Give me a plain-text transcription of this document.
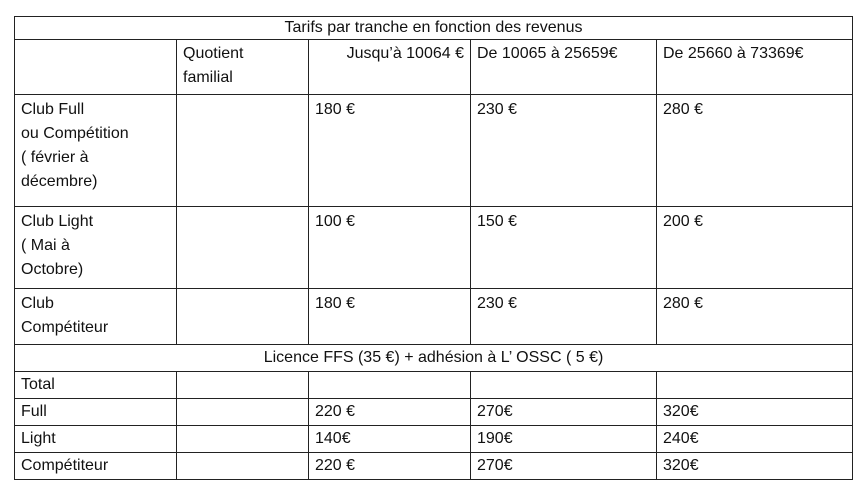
Tarifs par tranche en fonction des revenus				
	Quotient
familial	Jusqu’à 10064 €	De 10065 à 25659€	De 25660 à 73369€
Club Full
ou Compétition
( février à
décembre)		180 €	230 €	280 €
Club Light
( Mai à
Octobre)		100 €	150 €	200 €
Club
Compétiteur		180 €	230 €	280 €
Licence FFS (35 €) + adhésion à L’ OSSC ( 5 €)				
Total				
Full		220 €	270€	320€
Light		140€	190€	240€
Compétiteur		220 €	270€	320€
